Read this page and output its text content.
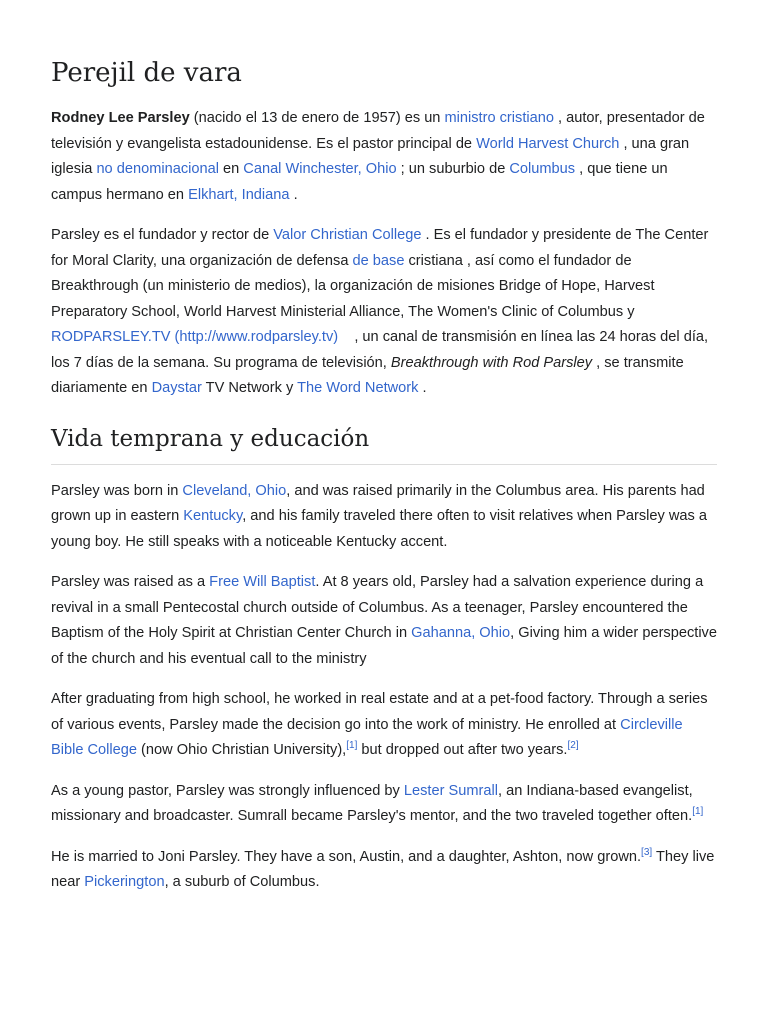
Perejil de vara

Rodney Lee Parsley (nacido el 13 de enero de 1957) es un ministro cristiano , autor, presentador de televisión y evangelista estadounidense. Es el pastor principal de World Harvest Church , una gran iglesia no denominacional en Canal Winchester, Ohio ; un suburbio de Columbus , que tiene un campus hermano en Elkhart, Indiana .

Parsley es el fundador y rector de Valor Christian College . Es el fundador y presidente de The Center for Moral Clarity, una organización de defensa de base cristiana , así como el fundador de Breakthrough (un ministerio de medios), la organización de misiones Bridge of Hope, Harvest Preparatory School, World Harvest Ministerial Alliance, The Women's Clinic of Columbus y RODPARSLEY.TV (http://www.rodparsley.tv)    , un canal de transmisión en línea las 24 horas del día, los 7 días de la semana. Su programa de televisión, Breakthrough with Rod Parsley , se transmite diariamente en Daystar TV Network y The Word Network .

Vida temprana y educación

Parsley was born in Cleveland, Ohio, and was raised primarily in the Columbus area. His parents had grown up in eastern Kentucky, and his family traveled there often to visit relatives when Parsley was a young boy. He still speaks with a noticeable Kentucky accent.

Parsley was raised as a Free Will Baptist. At 8 years old, Parsley had a salvation experience during a revival in a small Pentecostal church outside of Columbus. As a teenager, Parsley encountered the Baptism of the Holy Spirit at Christian Center Church in Gahanna, Ohio, Giving him a wider perspective of the church and his eventual call to the ministry

After graduating from high school, he worked in real estate and at a pet-food factory. Through a series of various events, Parsley made the decision go into the work of ministry. He enrolled at Circleville Bible College (now Ohio Christian University),[1] but dropped out after two years.[2]

As a young pastor, Parsley was strongly influenced by Lester Sumrall, an Indiana-based evangelist, missionary and broadcaster. Sumrall became Parsley's mentor, and the two traveled together often.[1]

He is married to Joni Parsley. They have a son, Austin, and a daughter, Ashton, now grown.[3] They live near Pickerington, a suburb of Columbus.
